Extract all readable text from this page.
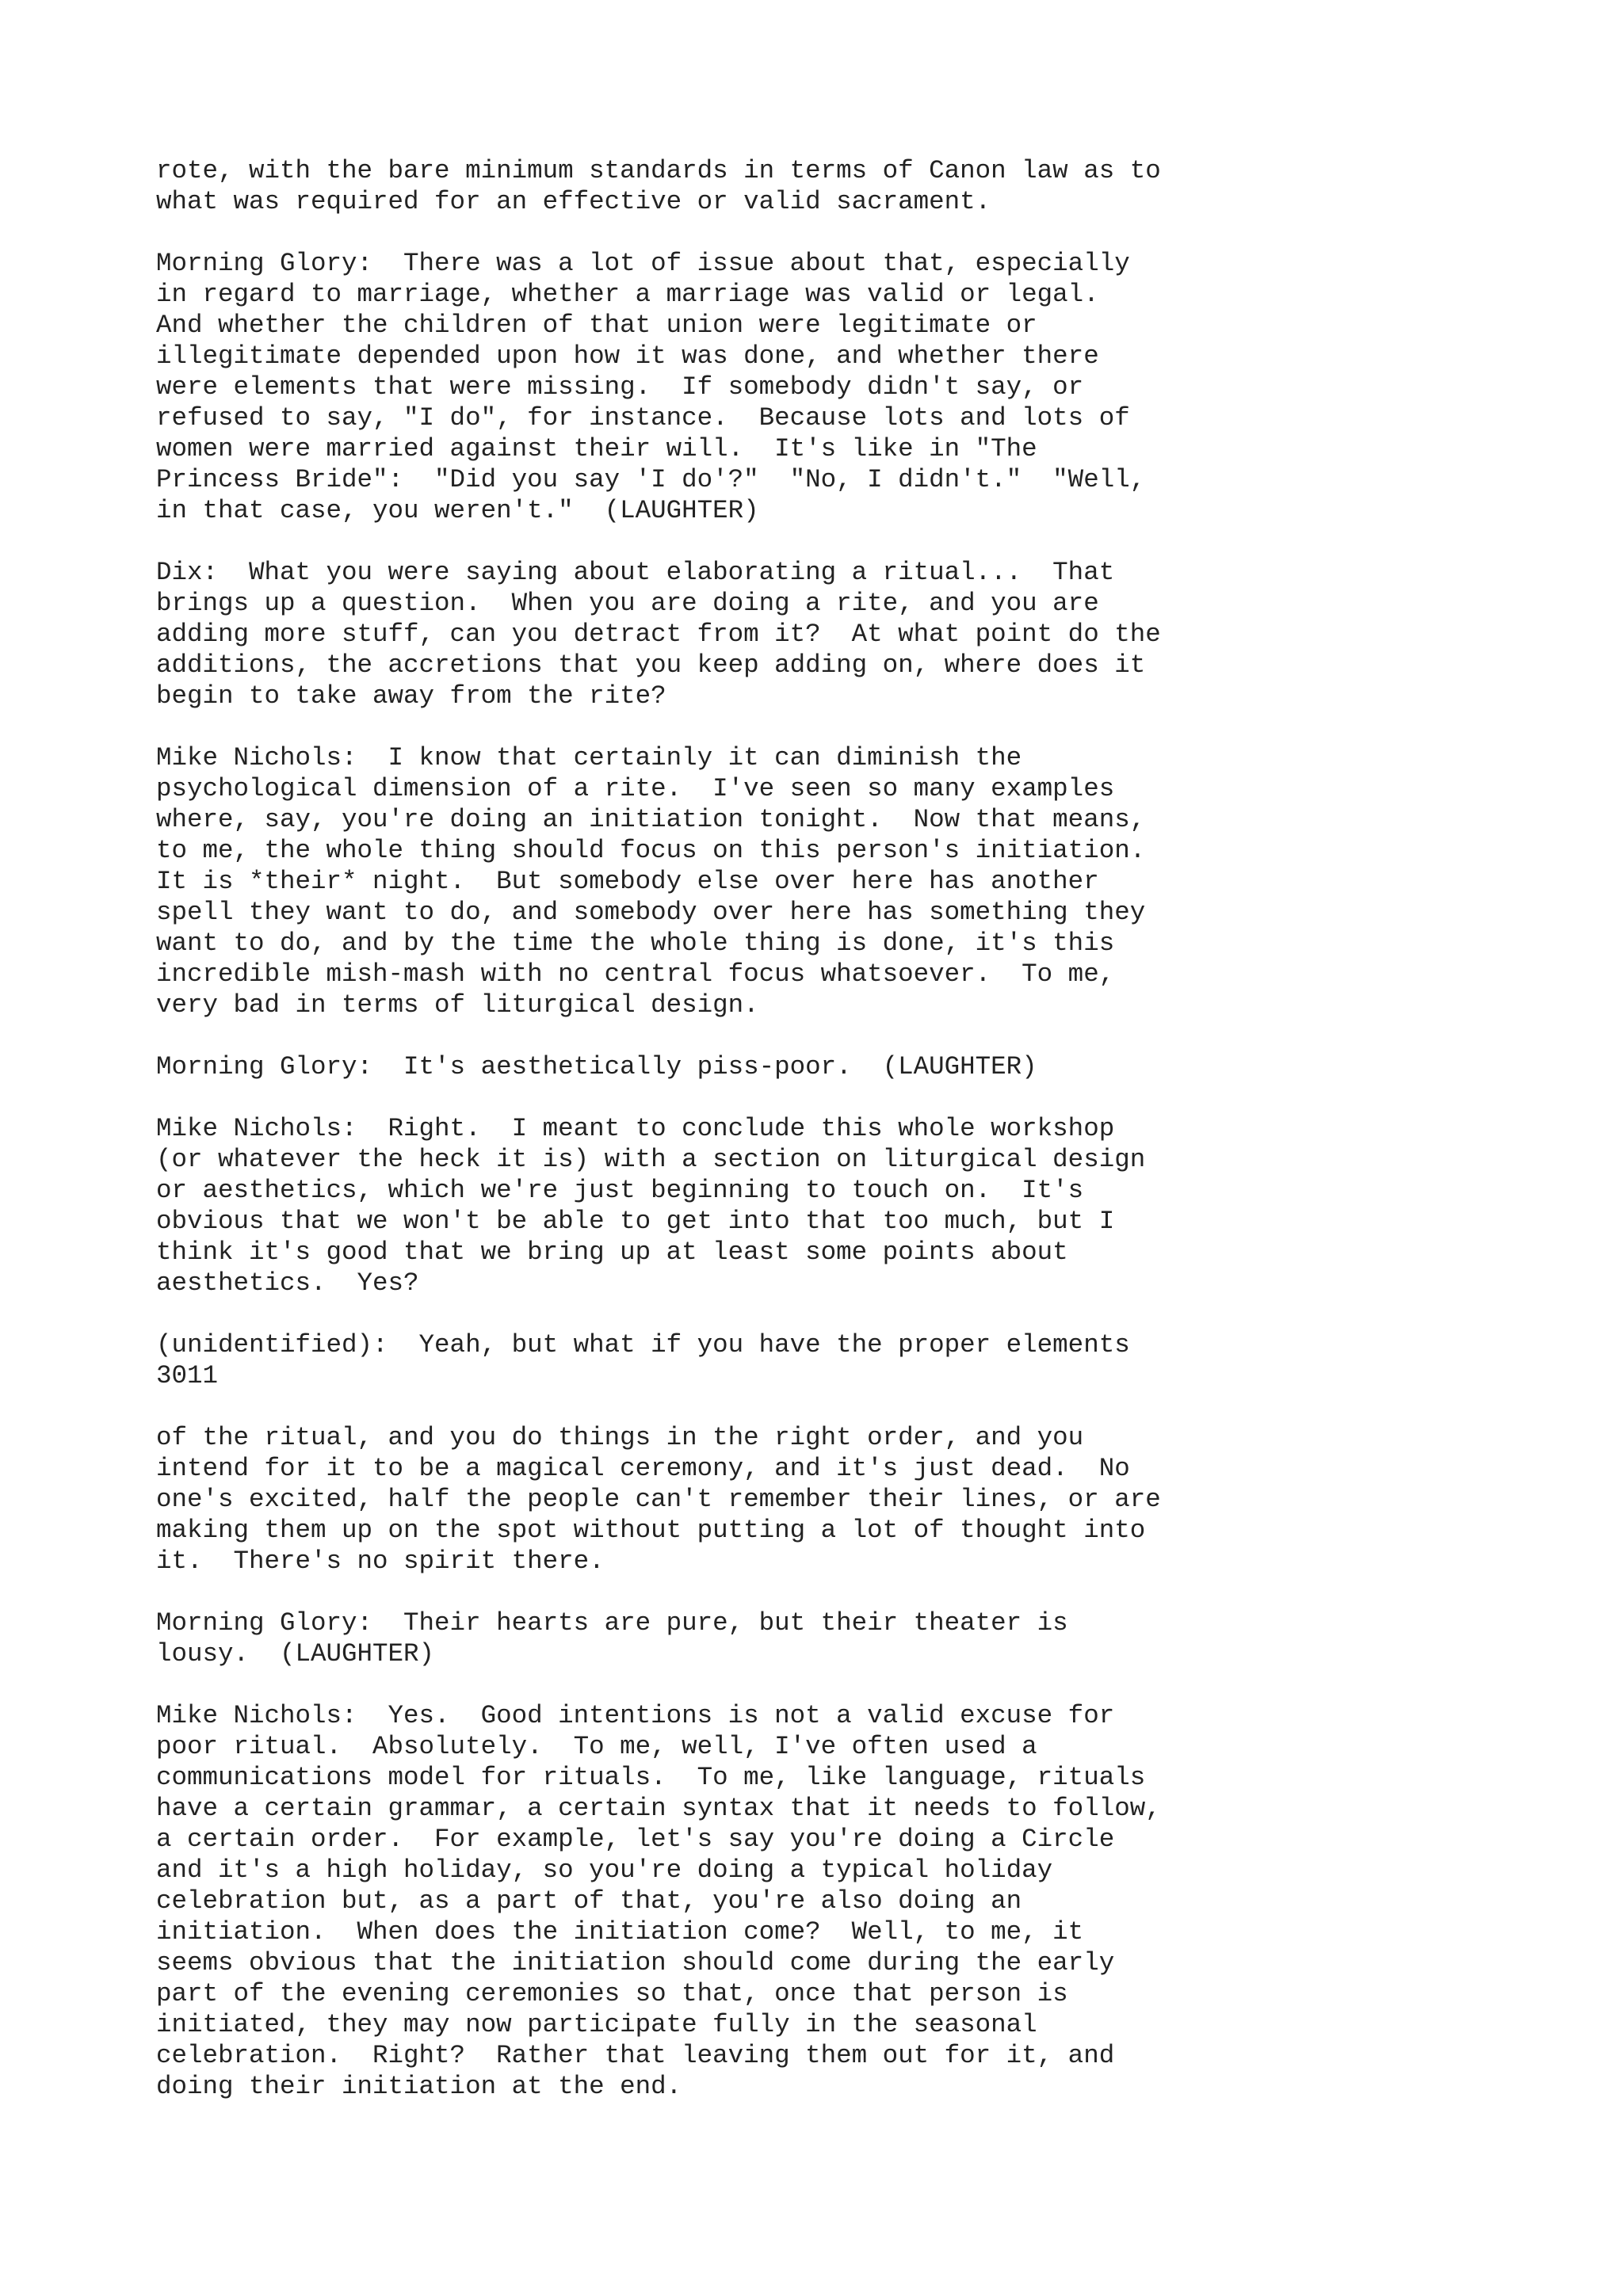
rote, with the bare minimum standards in terms of Canon law as to
what was required for an effective or valid sacrament.
Morning Glory:  There was a lot of issue about that, especially
in regard to marriage, whether a marriage was valid or legal.
And whether the children of that union were legitimate or
illegitimate depended upon how it was done, and whether there
were elements that were missing.  If somebody didn't say, or
refused to say, "I do", for instance.  Because lots and lots of
women were married against their will.  It's like in "The
Princess Bride":  "Did you say 'I do'?"  "No, I didn't."  "Well,
in that case, you weren't."  (LAUGHTER)
Dix:  What you were saying about elaborating a ritual...  That
brings up a question.  When you are doing a rite, and you are
adding more stuff, can you detract from it?  At what point do the
additions, the accretions that you keep adding on, where does it
begin to take away from the rite?
Mike Nichols:  I know that certainly it can diminish the
psychological dimension of a rite.  I've seen so many examples
where, say, you're doing an initiation tonight.  Now that means,
to me, the whole thing should focus on this person's initiation.
It is *their* night.  But somebody else over here has another
spell they want to do, and somebody over here has something they
want to do, and by the time the whole thing is done, it's this
incredible mish-mash with no central focus whatsoever.  To me,
very bad in terms of liturgical design.
Morning Glory:  It's aesthetically piss-poor.  (LAUGHTER)
Mike Nichols:  Right.  I meant to conclude this whole workshop
(or whatever the heck it is) with a section on liturgical design
or aesthetics, which we're just beginning to touch on.  It's
obvious that we won't be able to get into that too much, but I
think it's good that we bring up at least some points about
aesthetics.  Yes?
(unidentified):  Yeah, but what if you have the proper elements
3011
of the ritual, and you do things in the right order, and you
intend for it to be a magical ceremony, and it's just dead.  No
one's excited, half the people can't remember their lines, or are
making them up on the spot without putting a lot of thought into
it.  There's no spirit there.
Morning Glory:  Their hearts are pure, but their theater is
lousy.  (LAUGHTER)
Mike Nichols:  Yes.  Good intentions is not a valid excuse for
poor ritual.  Absolutely.  To me, well, I've often used a
communications model for rituals.  To me, like language, rituals
have a certain grammar, a certain syntax that it needs to follow,
a certain order.  For example, let's say you're doing a Circle
and it's a high holiday, so you're doing a typical holiday
celebration but, as a part of that, you're also doing an
initiation.  When does the initiation come?  Well, to me, it
seems obvious that the initiation should come during the early
part of the evening ceremonies so that, once that person is
initiated, they may now participate fully in the seasonal
celebration.  Right?  Rather that leaving them out for it, and
doing their initiation at the end.
